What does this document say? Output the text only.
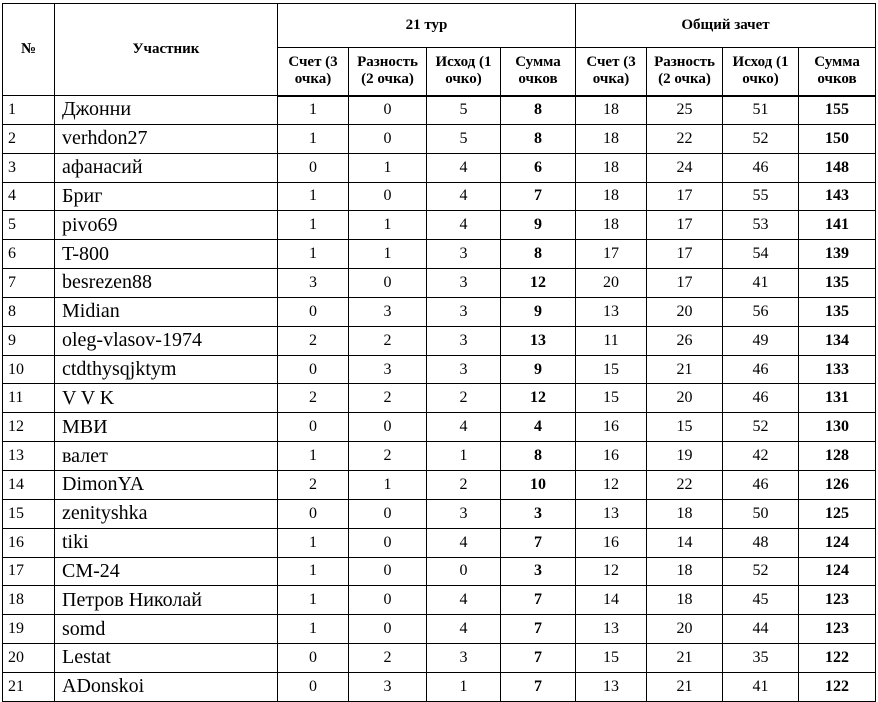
№	Участник	21 тур				Общий зачет			
		Счет (3 очка)	Разность (2 очка)	Исход (1 очко)	Сумма очков	Счет (3 очка)	Разность (2 очка)	Исход (1 очко)	Сумма очков
1	Джонни	1	0	5	8	18	25	51	155
2	verhdon27	1	0	5	8	18	22	52	150
3	афанасий	0	1	4	6	18	24	46	148
4	Бриг	1	0	4	7	18	17	55	143
5	pivo69	1	1	4	9	18	17	53	141
6	T-800	1	1	3	8	17	17	54	139
7	besrezen88	3	0	3	12	20	17	41	135
8	Midian	0	3	3	9	13	20	56	135
9	oleg-vlasov-1974	2	2	3	13	11	26	49	134
10	ctdthysqjktym	0	3	3	9	15	21	46	133
11	V V K	2	2	2	12	15	20	46	131
12	МВИ	0	0	4	4	16	15	52	130
13	валет	1	2	1	8	16	19	42	128
14	DimonYA	2	1	2	10	12	22	46	126
15	zenityshka	0	0	3	3	13	18	50	125
16	tiki	1	0	4	7	16	14	48	124
17	СМ-24	1	0	0	3	12	18	52	124
18	Петров Николай	1	0	4	7	14	18	45	123
19	somd	1	0	4	7	13	20	44	123
20	Lestat	0	2	3	7	15	21	35	122
21	ADonskoi	0	3	1	7	13	21	41	122
